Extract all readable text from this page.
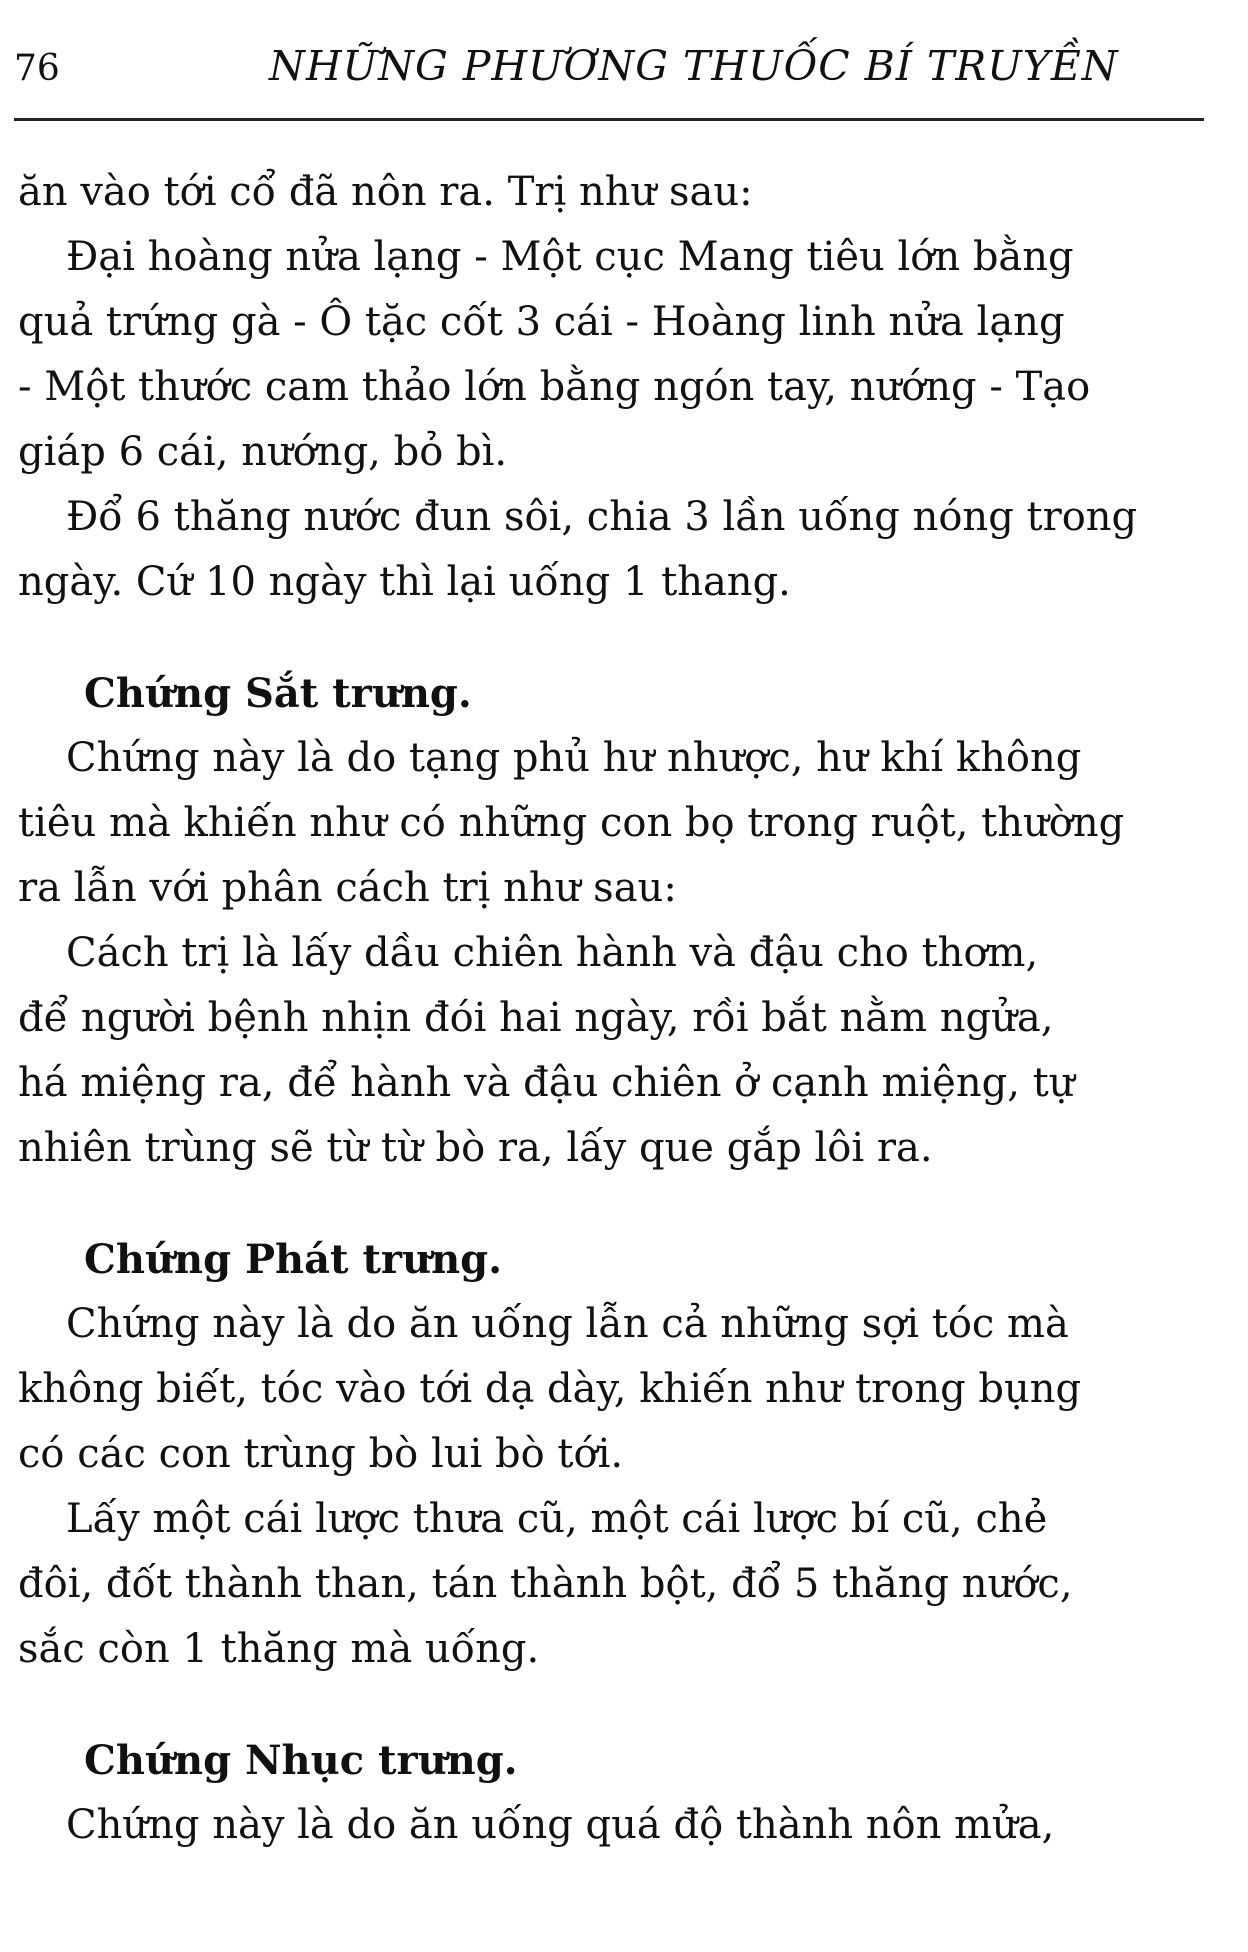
76	NHỮNG PHƯƠNG THUỐC BÍ TRUYỀN
ăn vào tới cổ đã nôn ra. Trị như sau:
Đại hoàng nửa lạng - Một cục Mang tiêu lớn bằng
quả trứng gà - Ô tặc cốt 3 cái - Hoàng linh nửa lạng
- Một thước cam thảo lớn bằng ngón tay, nướng - Tạo
giáp 6 cái, nướng, bỏ bì.
Đổ 6 thăng nước đun sôi, chia 3 lần uống nóng trong
ngày. Cứ 10 ngày thì lại uống 1 thang.
Chứng Sắt trưng.
Chứng này là do tạng phủ hư nhược, hư khí không
tiêu mà khiến như có những con bọ trong ruột, thường
ra lẫn với phân cách trị như sau:
Cách trị là lấy dầu chiên hành và đậu cho thơm,
để người bệnh nhịn đói hai ngày, rồi bắt nằm ngửa,
há miệng ra, để hành và đậu chiên ở cạnh miệng, tự
nhiên trùng sẽ từ từ bò ra, lấy que gắp lôi ra.
Chứng Phát trưng.
Chứng này là do ăn uống lẫn cả những sợi tóc mà
không biết, tóc vào tới dạ dày, khiến như trong bụng
có các con trùng bò lui bò tới.
Lấy một cái lược thưa cũ, một cái lược bí cũ, chẻ
đôi, đốt thành than, tán thành bột, đổ 5 thăng nước,
sắc còn 1 thăng mà uống.
Chứng Nhục trưng.
Chứng này là do ăn uống quá độ thành nôn mửa,
